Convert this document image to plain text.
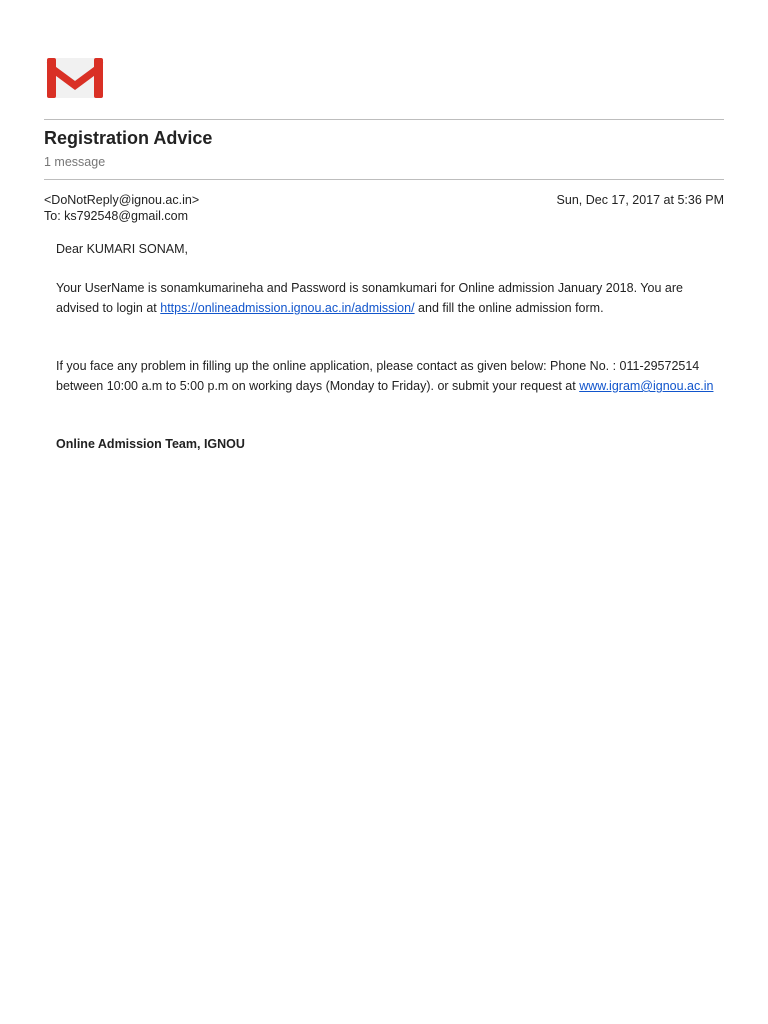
Registration Advice
1 message
<DoNotReply@ignou.ac.in>	Sun, Dec 17, 2017 at 5:36 PM
To: ks792548@gmail.com

Dear KUMARI SONAM,

Your UserName is sonamkumarineha and Password is sonamkumari for Online admission January 2018. You are advised to login at https://onlineadmission.ignou.ac.in/admission/ and fill the online admission form.

If you face any problem in filling up the online application, please contact as given below: Phone No. : 011-29572514 between 10:00 a.m to 5:00 p.m on working days (Monday to Friday). or submit your request at www.igram@ignou.ac.in

Online Admission Team, IGNOU
